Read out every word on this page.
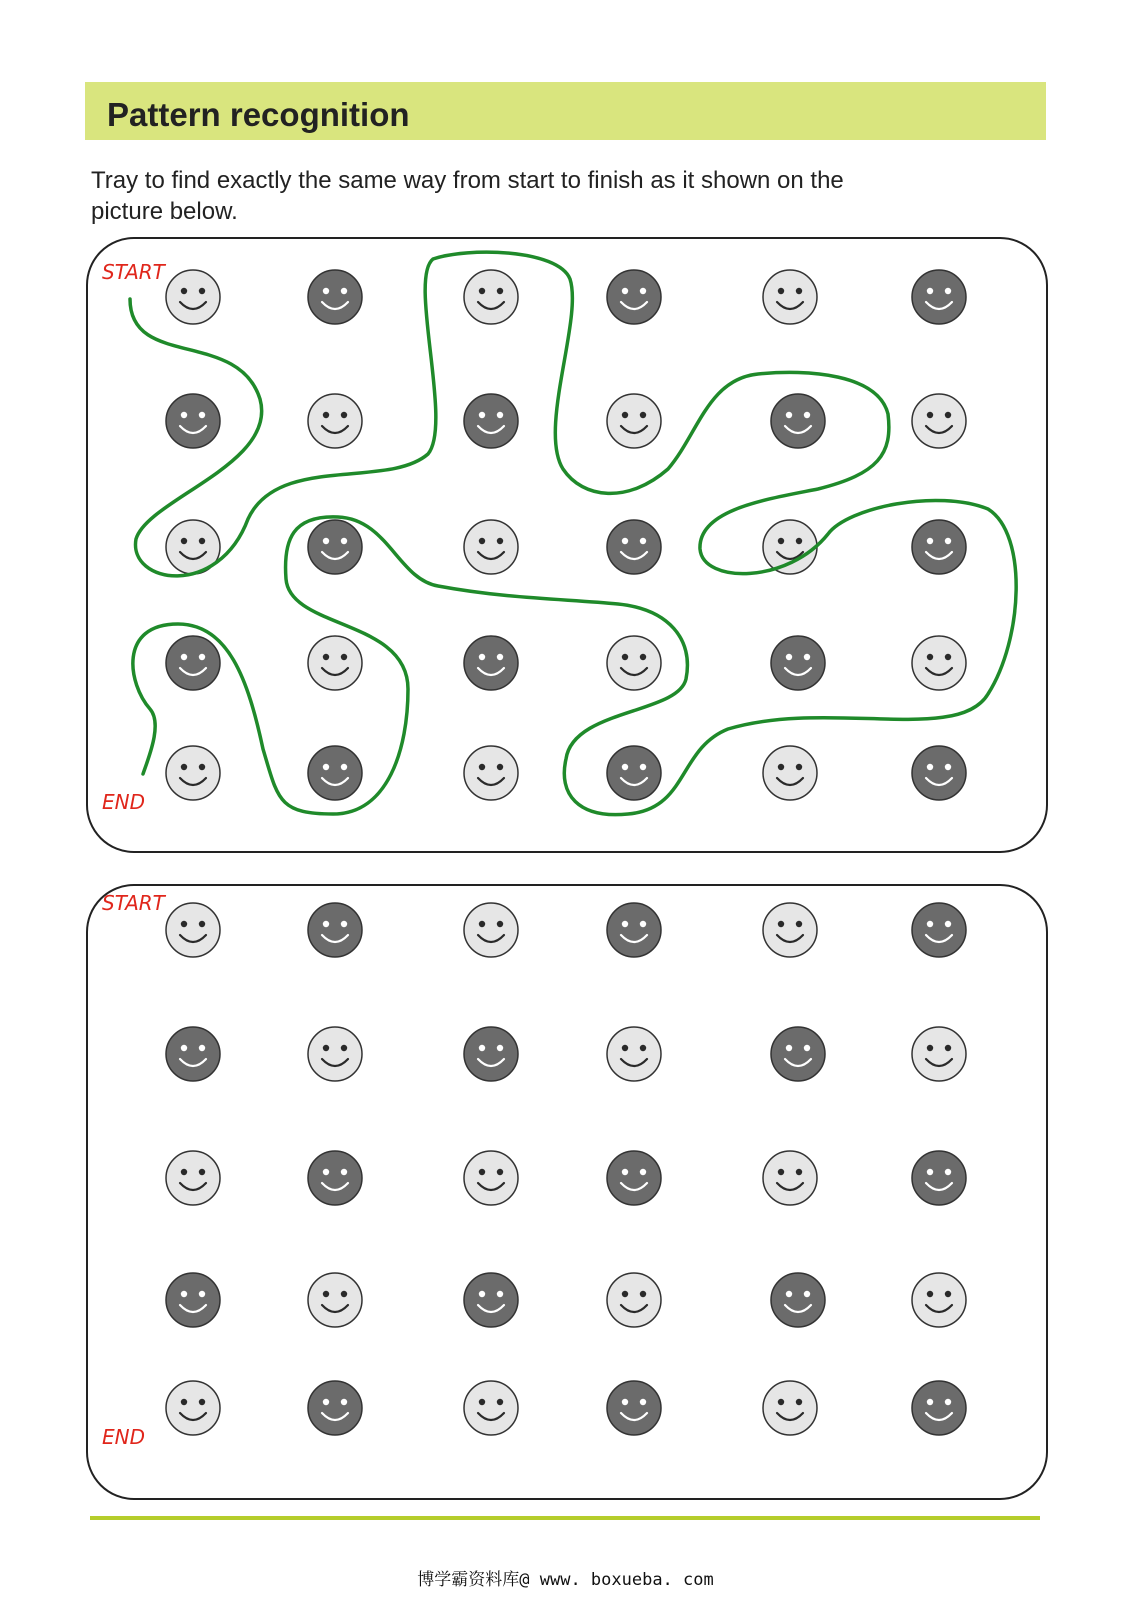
Pattern recognition
Tray to find exactly the same way from start to finish as it shown on the picture below.
START
END
START
END
博学霸资料库@ www. boxueba. com
